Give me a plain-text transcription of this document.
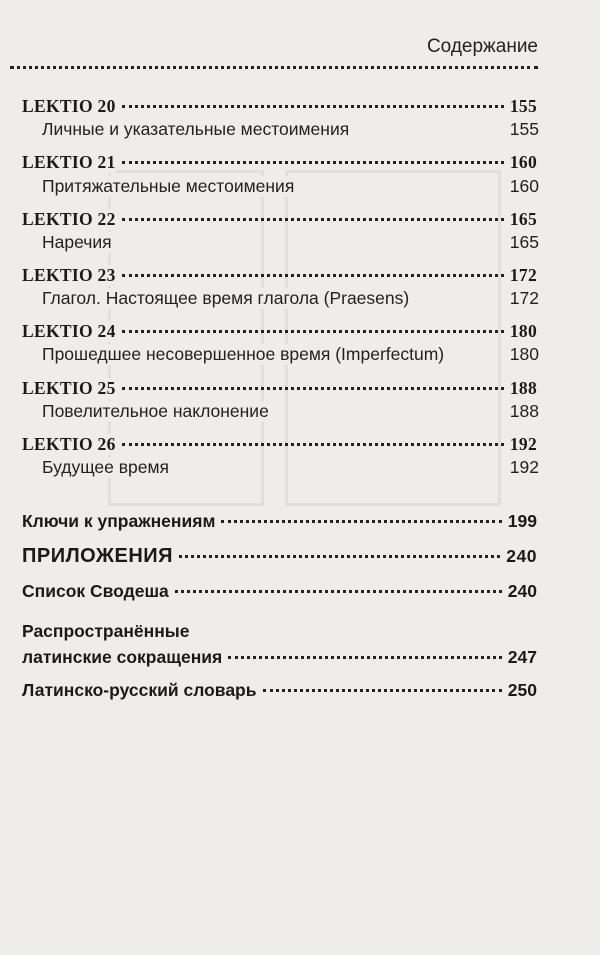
Содержание
LEKTIO 20	155
Личные и указательные местоимения	155
LEKTIO 21	160
Притяжательные местоимения	160
LEKTIO 22	165
Наречия	165
LEKTIO 23	172
Глагол. Настоящее время глагола (Praesens)	172
LEKTIO 24	180
Прошедшее несовершенное время (Imperfectum)	180
LEKTIO 25	188
Повелительное наклонение	188
LEKTIO 26	192
Будущее время	192
Ключи к упражнениям	199
ПРИЛОЖЕНИЯ	240
Список Сводеша	240
Распространённые
латинские сокращения	247
Латинско-русский словарь	250
